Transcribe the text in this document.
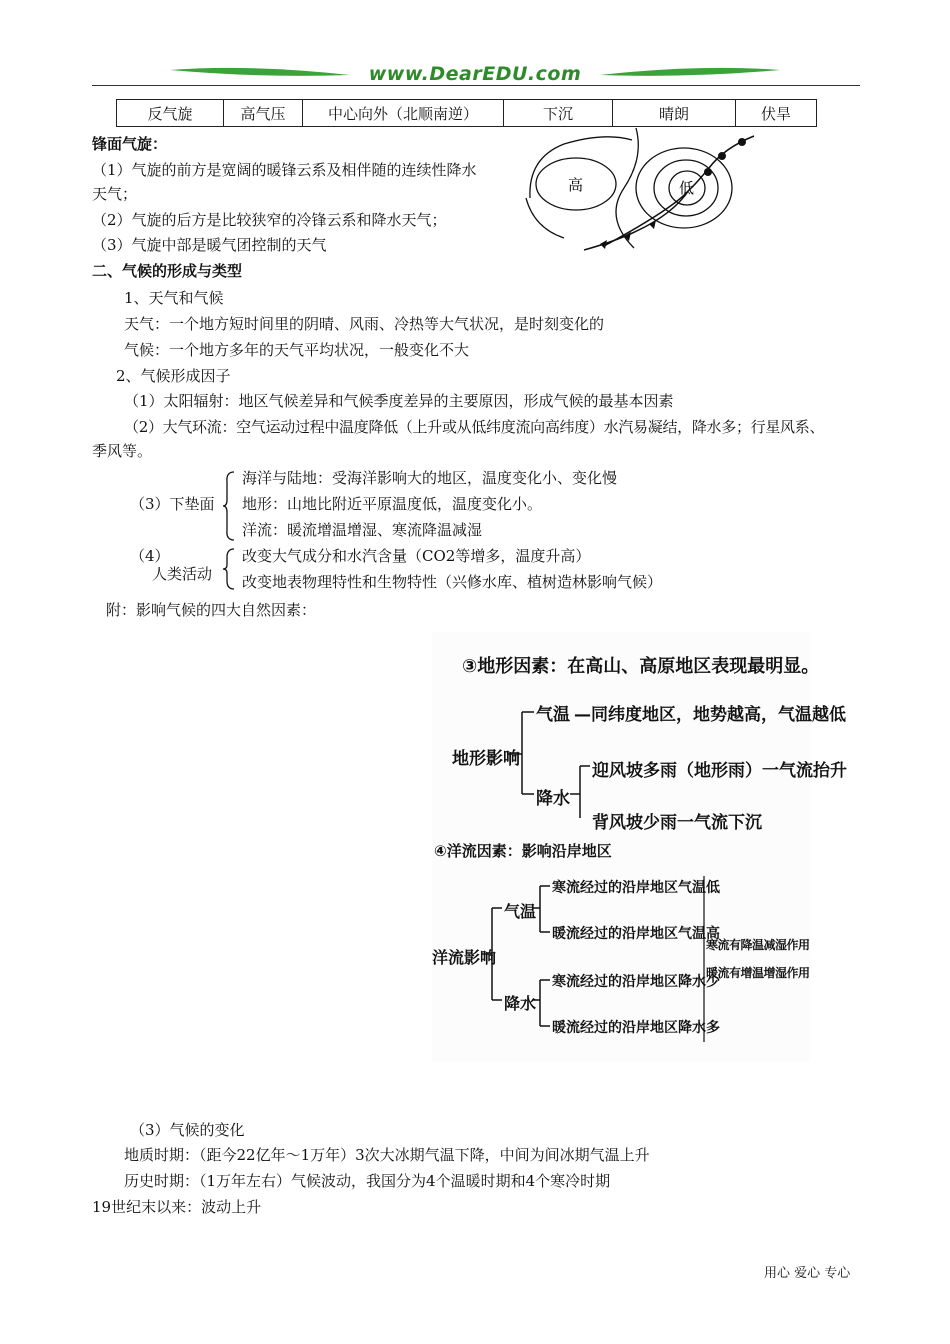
www.DearEDU.com
反气旋	高气压	中心向外（北顺南逆）	下沉	晴朗	伏旱
锋面气旋：
（1）气旋的前方是宽阔的暖锋云系及相伴随的连续性降水
天气；
（2）气旋的后方是比较狭窄的冷锋云系和降水天气；
（3）气旋中部是暖气团控制的天气
高	低
二、气候的形成与类型
1、天气和气候
天气：一个地方短时间里的阴晴、风雨、冷热等大气状况，是时刻变化的
气候：一个地方多年的天气平均状况，一般变化不大
2、气候形成因子
（1）太阳辐射：地区气候差异和气候季度差异的主要原因，形成气候的最基本因素
（2）大气环流：空气运动过程中温度降低（上升或从低纬度流向高纬度）水汽易凝结，降水多；行星风系、
季风等。
（3）下垫面
海洋与陆地：受海洋影响大的地区，温度变化小、变化慢
地形：山地比附近平原温度低，温度变化小。
洋流：暖流增温增湿、寒流降温减湿
（4）
人类活动
改变大气成分和水汽含量（CO2等增多，温度升高）
改变地表物理特性和生物特性（兴修水库、植树造林影响气候）
附：影响气候的四大自然因素：
③地形因素：在高山、高原地区表现最明显。
地形影响
气温 —同纬度地区，地势越高，气温越低
降水
迎风坡多雨（地形雨）一气流抬升
背风坡少雨一气流下沉
④洋流因素：影响沿岸地区
洋流影响
气温
降水
寒流经过的沿岸地区气温低
暖流经过的沿岸地区气温高
寒流经过的沿岸地区降水少
暖流经过的沿岸地区降水多
寒流有降温减湿作用
暖流有增温增湿作用
（3）气候的变化
地质时期：（距今22亿年～1万年）3次大冰期气温下降，中间为间冰期气温上升
历史时期：（1万年左右）气候波动，我国分为4个温暖时期和4个寒冷时期
19世纪末以来：波动上升
用心 爱心 专心
